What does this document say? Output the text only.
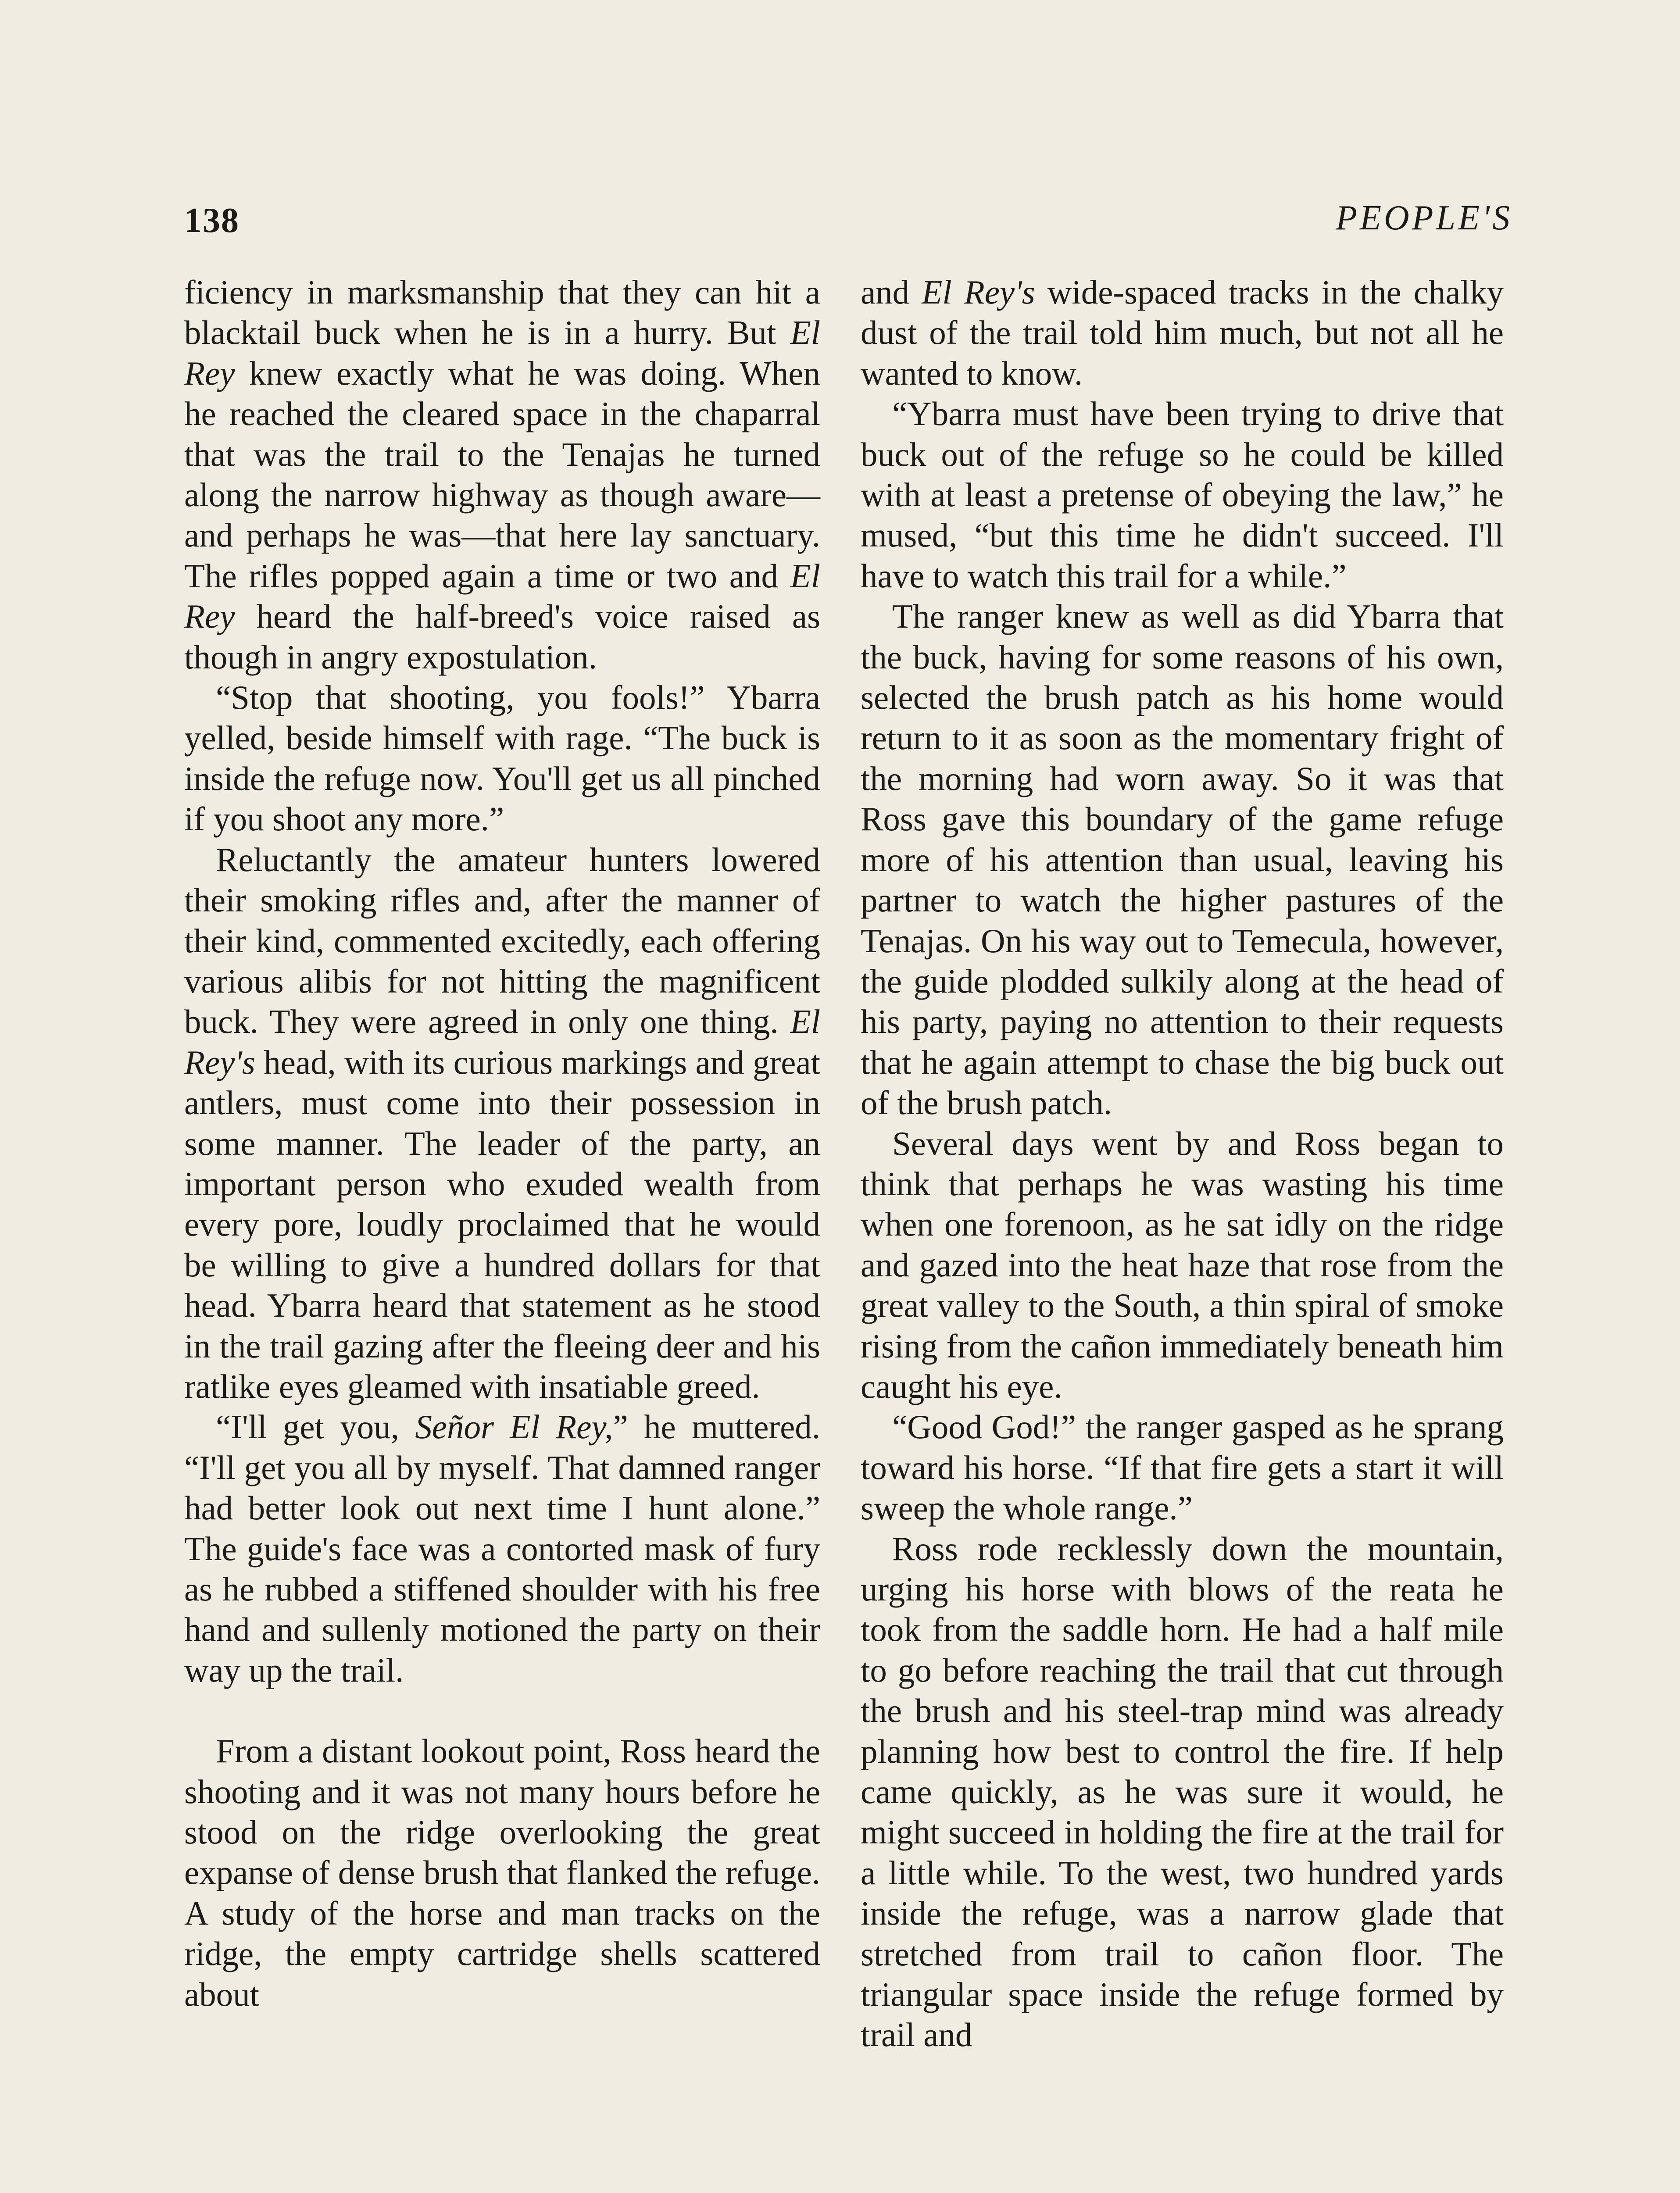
138	PEOPLE'S

ficiency in marksmanship that they can hit a blacktail buck when he is in a hurry. But El Rey knew exactly what he was doing. When he reached the cleared space in the chaparral that was the trail to the Tenajas he turned along the narrow highway as though aware—and perhaps he was—that here lay sanctuary. The rifles popped again a time or two and El Rey heard the half-breed's voice raised as though in angry expostulation.

“Stop that shooting, you fools!” Ybarra yelled, beside himself with rage. “The buck is inside the refuge now. You'll get us all pinched if you shoot any more.”

Reluctantly the amateur hunters lowered their smoking rifles and, after the manner of their kind, commented excitedly, each offering various alibis for not hitting the magnificent buck. They were agreed in only one thing. El Rey's head, with its curious markings and great antlers, must come into their possession in some manner. The leader of the party, an important person who exuded wealth from every pore, loudly proclaimed that he would be willing to give a hundred dollars for that head. Ybarra heard that statement as he stood in the trail gazing after the fleeing deer and his ratlike eyes gleamed with insatiable greed.

“I'll get you, Señor El Rey,” he muttered. “I'll get you all by myself. That damned ranger had better look out next time I hunt alone.” The guide's face was a contorted mask of fury as he rubbed a stiffened shoulder with his free hand and sullenly motioned the party on their way up the trail.

From a distant lookout point, Ross heard the shooting and it was not many hours before he stood on the ridge overlooking the great expanse of dense brush that flanked the refuge. A study of the horse and man tracks on the ridge, the empty cartridge shells scattered about

and El Rey's wide-spaced tracks in the chalky dust of the trail told him much, but not all he wanted to know.

“Ybarra must have been trying to drive that buck out of the refuge so he could be killed with at least a pretense of obeying the law,” he mused, “but this time he didn't succeed. I'll have to watch this trail for a while.”

The ranger knew as well as did Ybarra that the buck, having for some reasons of his own, selected the brush patch as his home would return to it as soon as the momentary fright of the morning had worn away. So it was that Ross gave this boundary of the game refuge more of his attention than usual, leaving his partner to watch the higher pastures of the Tenajas. On his way out to Temecula, however, the guide plodded sulkily along at the head of his party, paying no attention to their requests that he again attempt to chase the big buck out of the brush patch.

Several days went by and Ross began to think that perhaps he was wasting his time when one forenoon, as he sat idly on the ridge and gazed into the heat haze that rose from the great valley to the South, a thin spiral of smoke rising from the cañon immediately beneath him caught his eye.

“Good God!” the ranger gasped as he sprang toward his horse. “If that fire gets a start it will sweep the whole range.”

Ross rode recklessly down the mountain, urging his horse with blows of the reata he took from the saddle horn. He had a half mile to go before reaching the trail that cut through the brush and his steel-trap mind was already planning how best to control the fire. If help came quickly, as he was sure it would, he might succeed in holding the fire at the trail for a little while. To the west, two hundred yards inside the refuge, was a narrow glade that stretched from trail to cañon floor. The triangular space inside the refuge formed by trail and
